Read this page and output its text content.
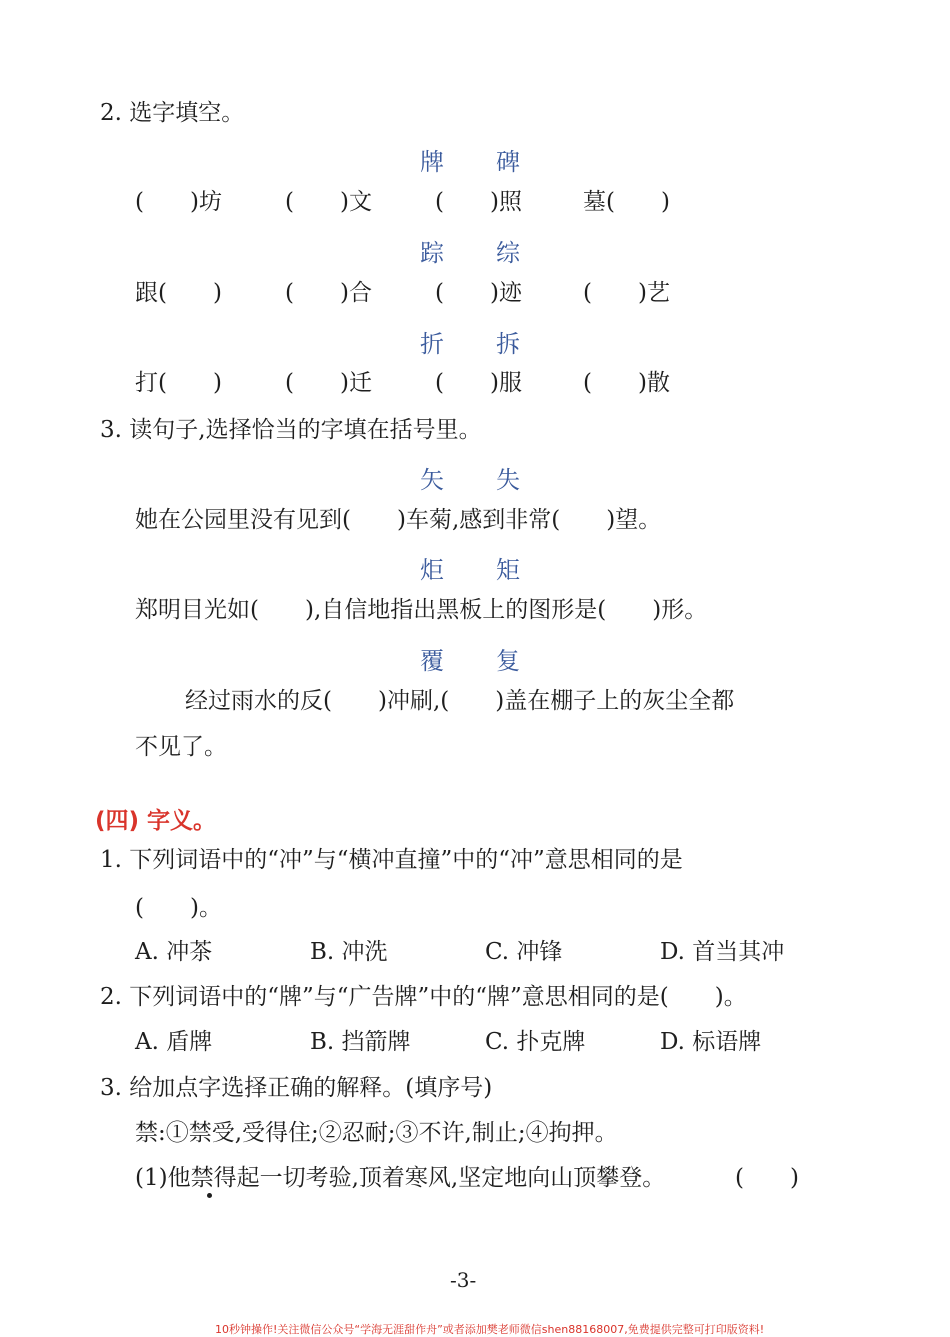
2. 选字填空。
牌 碑
(　　)坊	(　　)文	(　　)照	墓(　　)
踪 综
跟(　　)	(　　)合	(　　)迹	(　　)艺
折 拆
打(　　)	(　　)迁	(　　)服	(　　)散
3. 读句子,选择恰当的字填在括号里。
矢 失
她在公园里没有见到(　　)车菊,感到非常(　　)望。
炬 矩
郑明目光如(　　),自信地指出黑板上的图形是(　　)形。
覆 复
经过雨水的反(　　)冲刷,(　　)盖在棚子上的灰尘全都
不见了。
(四) 字义。
1. 下列词语中的“冲”与“横冲直撞”中的“冲”意思相同的是
(　　)。
A. 冲茶	B. 冲洗	C. 冲锋	D. 首当其冲
2. 下列词语中的“牌”与“广告牌”中的“牌”意思相同的是(　　)。
A. 盾牌	B. 挡箭牌	C. 扑克牌	D. 标语牌
3. 给加点字选择正确的解释。(填序号)
禁:①禁受,受得住;②忍耐;③不许,制止;④拘押。
(1)他禁得起一切考验,顶着寒风,坚定地向山顶攀登。	(　　)
-3-
10秒钟操作!关注微信公众号“学海无涯甜作舟”或者添加樊老师微信shen88168007,免费提供完整可打印版资料!
